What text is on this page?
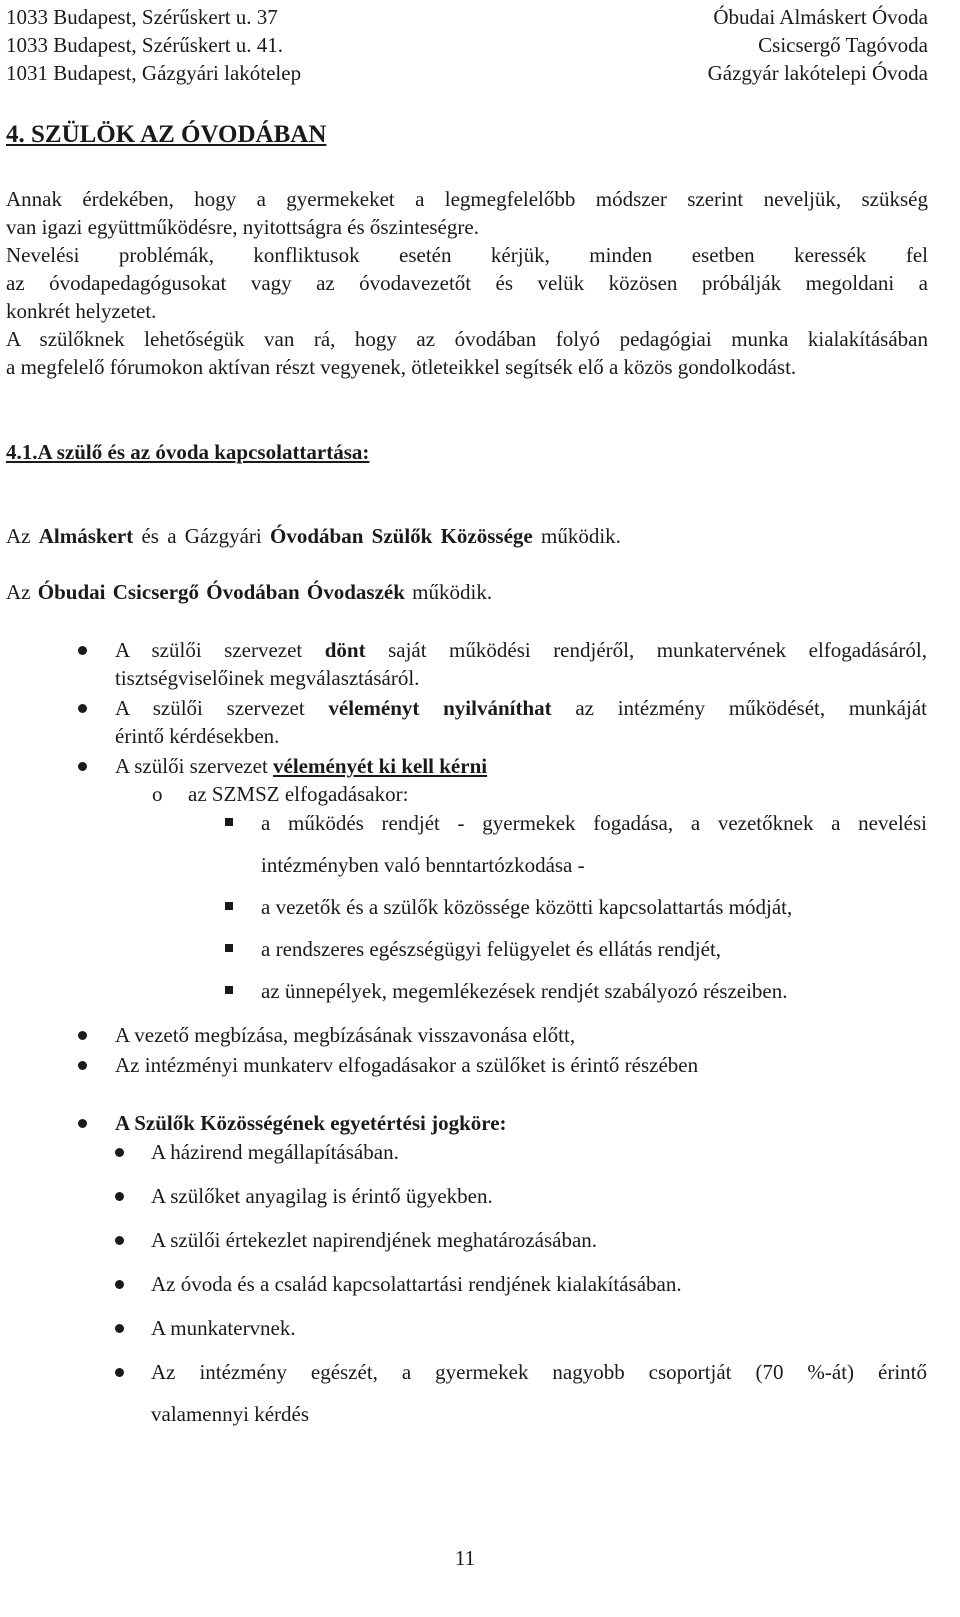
1033 Budapest, Szérűskert u. 37	Óbudai Almáskert Óvoda
1033 Budapest, Szérűskert u. 41.	Csicsergő Tagóvoda
1031 Budapest, Gázgyári lakótelep	Gázgyár lakótelepi Óvoda
4. SZÜLÖK AZ ÓVODÁBAN
Annak érdekében, hogy a gyermekeket a legmegfelelőbb módszer szerint neveljük, szükség
van igazi együttműködésre, nyitottságra és őszinteségre.
Nevelési problémák, konfliktusok esetén kérjük, minden esetben keressék fel
az óvodapedagógusokat vagy az óvodavezetőt és velük közösen próbálják megoldani a
konkrét helyzetet.
A szülőknek lehetőségük van rá, hogy az óvodában folyó pedagógiai munka kialakításában
a megfelelő fórumokon aktívan részt vegyenek, ötleteikkel segítsék elő a közös gondolkodást.
4.1.A szülő és az óvoda kapcsolattartása:
Az Almáskert és a Gázgyári Óvodában Szülők Közössége működik.
Az Óbudai Csicsergő Óvodában Óvodaszék működik.
A szülői szervezet dönt saját működési rendjéről, munkatervének elfogadásáról,
tisztségviselőinek megválasztásáról.
A szülői szervezet véleményt nyilváníthat az intézmény működését, munkáját
érintő kérdésekben.
A szülői szervezet véleményét ki kell kérni
o az SZMSZ elfogadásakor:
a működés rendjét - gyermekek fogadása, a vezetőknek a nevelési
intézményben való benntartózkodása -
a vezetők és a szülők közössége közötti kapcsolattartás módját,
a rendszeres egészségügyi felügyelet és ellátás rendjét,
az ünnepélyek, megemlékezések rendjét szabályozó részeiben.
A vezető megbízása, megbízásának visszavonása előtt,
Az intézményi munkaterv elfogadásakor a szülőket is érintő részében
A Szülők Közösségének egyetértési jogköre:
A házirend megállapításában.
A szülőket anyagilag is érintő ügyekben.
A szülői értekezlet napirendjének meghatározásában.
Az óvoda és a család kapcsolattartási rendjének kialakításában.
A munkatervnek.
Az intézmény egészét, a gyermekek nagyobb csoportját (70 %-át) érintő
valamennyi kérdés
11
